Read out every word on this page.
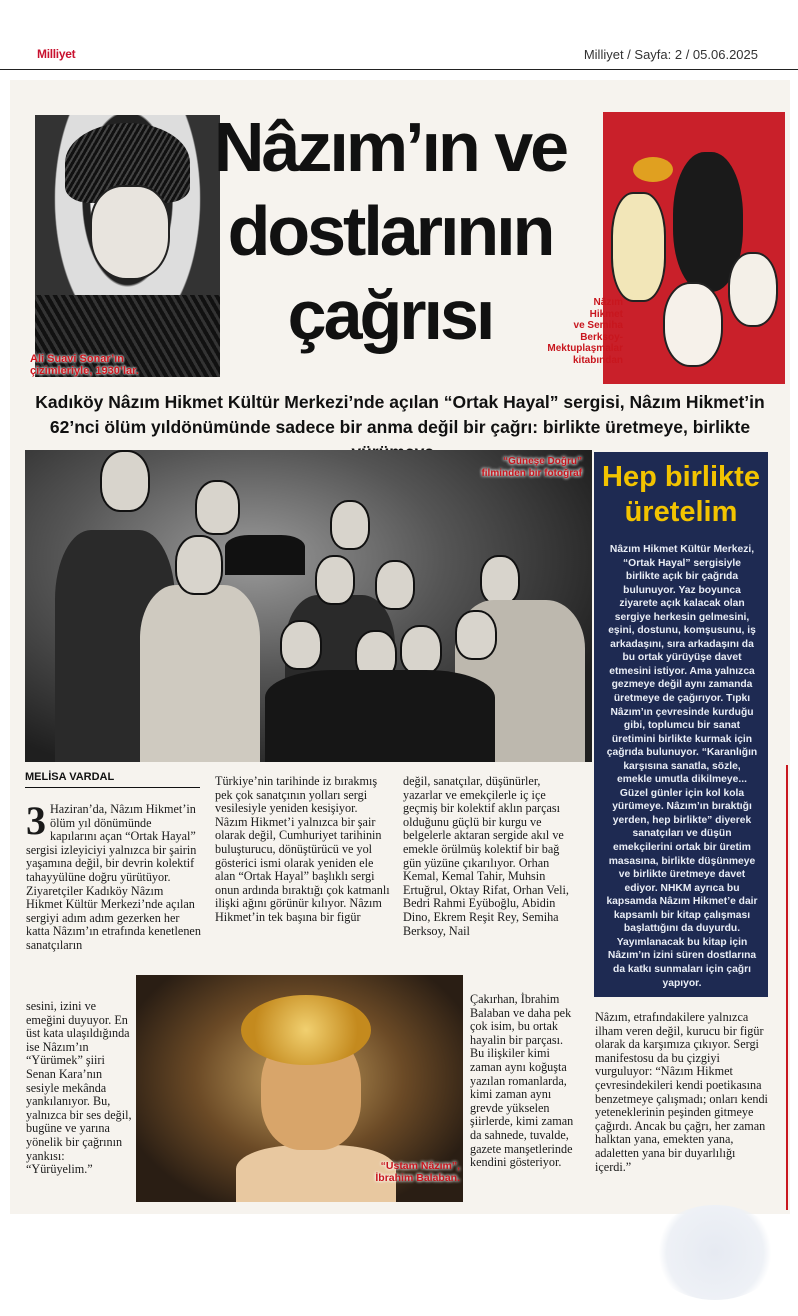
Milliyet	Milliyet / Sayfa: 2 / 05.06.2025
Ali Suavi Sonar’ın
çizimleriyle, 1930’lar.
Nâzım’ın ve
dostlarının
çağrısı	Nâzım
Hikmet
ve Semiha
Berksoy-
Mektuplaşmalar
kitabından
Kadıköy Nâzım Hikmet Kültür Merkezi’nde açılan “Ortak Hayal” sergisi, Nâzım Hikmet’in
62’nci ölüm yıldönümünde sadece bir anma değil bir çağrı: birlikte üretmeye, birlikte
“Güneşe Doğru”
filminden bir fotoğraf Hep birlikte
üretelim
Nâzım Hikmet Kültür Merkezi, “Ortak Hayal” sergisiyle birlikte açık bir çağrıda bulunuyor. Yaz boyunca ziyarete açık kalacak olan sergiye herkesin gelmesini, eşini, dostunu, komşusunu, iş arkadaşını, sıra arkadaşını da bu ortak yürüyüşe davet etmesini istiyor. Ama yalnızca gezmeye değil aynı zamanda üretmeye de çağırıyor. Tıpkı Nâzım’ın çevresinde kurduğu gibi, toplumcu bir sanat üretimini birlikte kurmak için çağrıda bulunuyor. “Karanlığın karşısına sanatla, sözle, emekle umutla dikilmeye... Güzel günler için kol kola yürümeye. Nâzım’ın bıraktığı yerden, hep birlikte” diyerek sanatçıları ve düşün emekçilerini ortak bir üretim masasına, birlikte düşünmeye ve birlikte üretmeye davet ediyor. NHKM ayrıca bu kapsamda Nâzım Hikmet’e dair kapsamlı bir kitap çalışması başlattığını da duyurdu. Yayımlanacak bu kitap için Nâzım’ın izini süren dostlarına da katkı sunmaları için çağrı yapıyor.
MELİSA VARDAL
3 Haziran’da, Nâzım Hikmet’in ölüm yıl dönümünde kapılarını açan “Ortak Hayal” sergisi izleyiciyi yalnızca bir şairin yaşamına değil, bir devrin kolektif tahayyülüne doğru yürütüyor. Ziyaretçiler Kadıköy Nâzım Hikmet Kültür Merkezi’nde açılan sergiyi adım adım gezerken her katta Nâzım’ın etrafında kenetlenen sanatçıların
sesini, izini ve emeğini duyuyor. En üst kata ulaşıldığında ise Nâzım’ın “Yürümek” şiiri Senan Kara’nın sesiyle mekânda yankılanıyor. Bu, yalnızca bir ses değil, bugüne ve yarına yönelik bir çağrının yankısı: “Yürüyelim.”
Türkiye’nin tarihinde iz bırakmış pek çok sanatçının yolları sergi vesilesiyle yeniden kesişiyor. Nâzım Hikmet’i yalnızca bir şair olarak değil, Cumhuriyet tarihinin buluşturucu, dönüştürücü ve yol gösterici ismi olarak yeniden ele alan “Ortak Hayal” başlıklı sergi onun ardında bıraktığı çok katmanlı ilişki ağını görünür kılıyor. Nâzım Hikmet’in tek başına bir figür
değil, sanatçılar, düşünürler, yazarlar ve emekçilerle iç içe geçmiş bir kolektif aklın parçası olduğunu güçlü bir kurgu ve belgelerle aktaran sergide akıl ve emekle örülmüş kolektif bir bağ gün yüzüne çıkarılıyor. Orhan Kemal, Kemal Tahir, Muhsin Ertuğrul, Oktay Rifat, Orhan Veli, Bedri Rahmi Eyüboğlu, Abidin Dino, Ekrem Reşit Rey, Semiha Berksoy, Nail
Çakırhan, İbrahim Balaban ve daha pek çok isim, bu ortak hayalin bir parçası. Bu ilişkiler kimi zaman aynı koğuşta yazılan romanlarda, kimi zaman aynı grevde yükselen şiirlerde, kimi zaman da sahnede, tuvalde, gazete manşetlerinde kendini gösteriyor.
“Ustam Nâzım”,
İbrahim Balaban.
Nâzım, etrafındakilere yalnızca ilham veren değil, kurucu bir figür olarak da karşımıza çıkıyor. Sergi manifestosu da bu çizgiyi vurguluyor: “Nâzım Hikmet çevresindekileri kendi poetikasına benzetmeye çalışmadı; onları kendi yeteneklerinin peşinden gitmeye çağırdı. Ancak bu çağrı, her zaman halktan yana, emekten yana, adaletten yana bir duyarlılığı içerdi.”
